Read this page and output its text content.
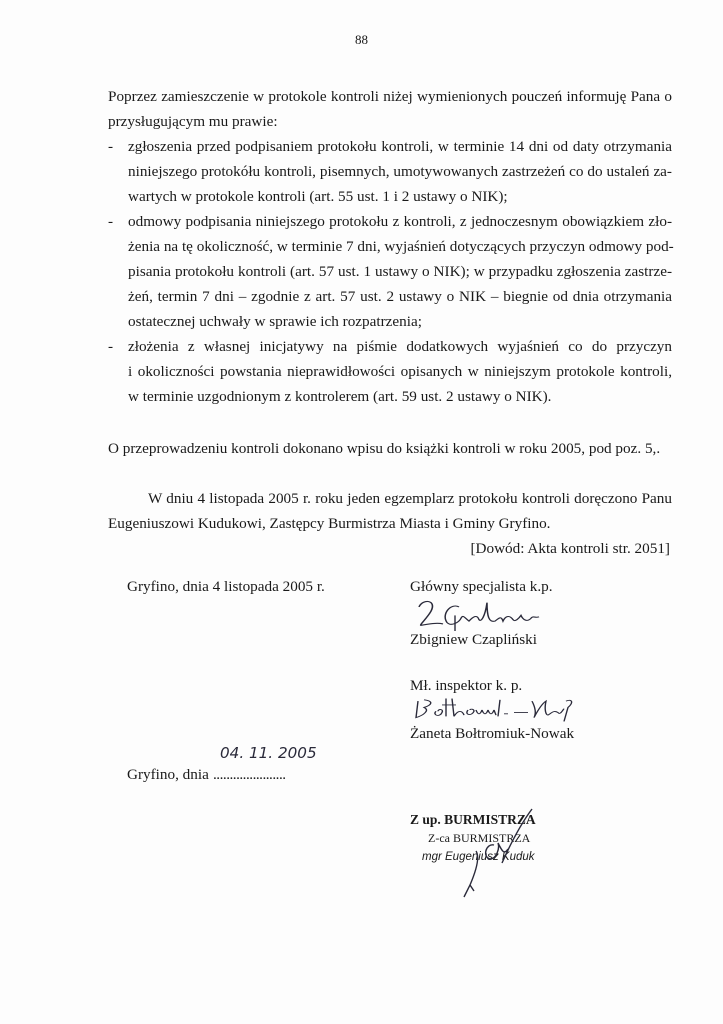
88
Poprzez zamieszczenie w protokole kontroli niżej wymienionych pouczeń informuję Pana o
przysługującym mu prawie:
- zgłoszenia przed podpisaniem protokołu kontroli, w terminie 14 dni od daty otrzymania
niniejszego protokółu kontroli, pisemnych, umotywowanych zastrzeżeń co do ustaleń za-
wartych w protokole kontroli (art. 55 ust. 1 i 2 ustawy o NIK);
- odmowy podpisania niniejszego protokołu z kontroli, z jednoczesnym obowiązkiem zło-
żenia na tę okoliczność, w terminie 7 dni, wyjaśnień dotyczących przyczyn odmowy pod-
pisania protokołu kontroli (art. 57 ust. 1 ustawy o NIK); w przypadku zgłoszenia zastrze-
żeń, termin 7 dni – zgodnie z art. 57 ust. 2 ustawy o NIK – biegnie od dnia otrzymania
ostatecznej uchwały w sprawie ich rozpatrzenia;
- złożenia z własnej inicjatywy na piśmie dodatkowych wyjaśnień co do przyczyn
i okoliczności powstania nieprawidłowości opisanych w niniejszym protokole kontroli,
w terminie uzgodnionym z kontrolerem (art. 59 ust. 2 ustawy o NIK).
O przeprowadzeniu kontroli dokonano wpisu do książki kontroli w roku 2005, pod poz. 5,.
W dniu 4 listopada 2005 r. roku jeden egzemplarz protokołu kontroli doręczono Panu
Eugeniuszowi Kudukowi, Zastępcy Burmistrza Miasta i Gminy Gryfino.
[Dowód: Akta kontroli str. 2051]
Gryfino, dnia 4 listopada 2005 r.	Główny specjalista k.p.
Zbigniew Czapliński
Mł. inspektor k. p.
Żaneta Bołtromiuk-Nowak
Gryfino, dnia ......................
04. 11. 2005
Z up. BURMISTRZA
Z-ca BURMISTRZA
mgr Eugeniusz Kuduk
